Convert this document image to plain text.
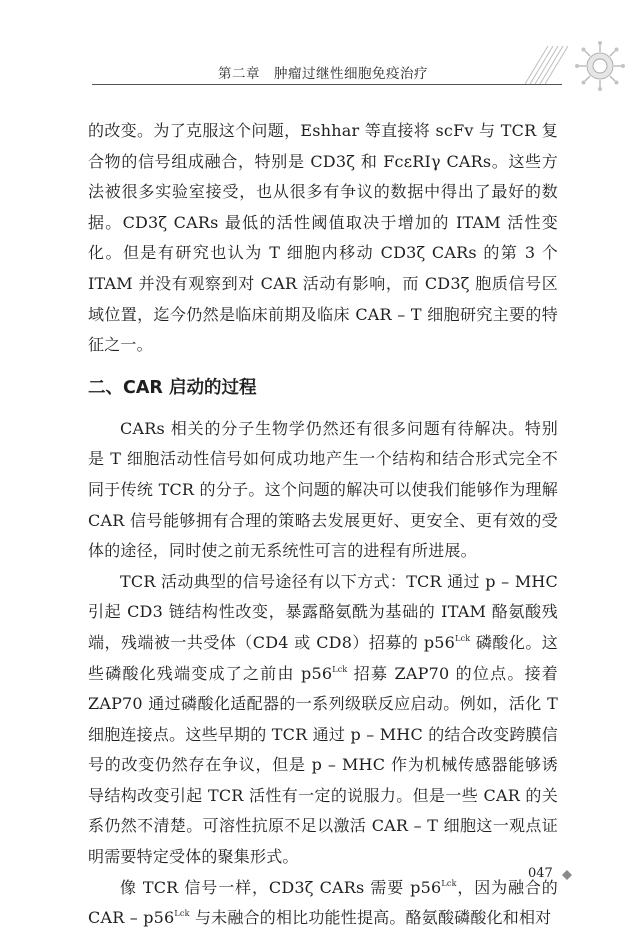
第二章　肿瘤过继性细胞免疫治疗

的改变。为了克服这个问题，Eshhar 等直接将 scFv 与 TCR 复合物的信号组成融合，特别是 CD3ζ 和 FcεRIγ CARs。这些方法被很多实验室接受，也从很多有争议的数据中得出了最好的数据。CD3ζ CARs 最低的活性阈值取决于增加的 ITAM 活性变化。但是有研究也认为 T 细胞内移动 CD3ζ CARs 的第 3 个 ITAM 并没有观察到对 CAR 活动有影响，而 CD3ζ 胞质信号区域位置，迄今仍然是临床前期及临床 CAR – T 细胞研究主要的特征之一。

二、CAR 启动的过程

CARs 相关的分子生物学仍然还有很多问题有待解决。特别是 T 细胞活动性信号如何成功地产生一个结构和结合形式完全不同于传统 TCR 的分子。这个问题的解决可以使我们能够作为理解 CAR 信号能够拥有合理的策略去发展更好、更安全、更有效的受体的途径，同时使之前无系统性可言的进程有所进展。

TCR 活动典型的信号途径有以下方式：TCR 通过 p – MHC 引起 CD3 链结构性改变，暴露酪氨酰为基础的 ITAM 酪氨酸残端，残端被一共受体（CD4 或 CD8）招募的 $p56^{Lck}$ 磷酸化。这些磷酸化残端变成了之前由 $p56^{Lck}$ 招募 ZAP70 的位点。接着 ZAP70 通过磷酸化适配器的一系列级联反应启动。例如，活化 T 细胞连接点。这些早期的 TCR 通过 p – MHC 的结合改变跨膜信号的改变仍然存在争议，但是 p – MHC 作为机械传感器能够诱导结构改变引起 TCR 活性有一定的说服力。但是一些 CAR 的关系仍然不清楚。可溶性抗原不足以激活 CAR – T 细胞这一观点证明需要特定受体的聚集形式。

像 TCR 信号一样，CD3ζ CARs 需要 $p56^{Lck}$，因为融合的 CAR – $p56^{Lck}$ 与未融合的相比功能性提高。酪氨酸磷酸化和相对

047
